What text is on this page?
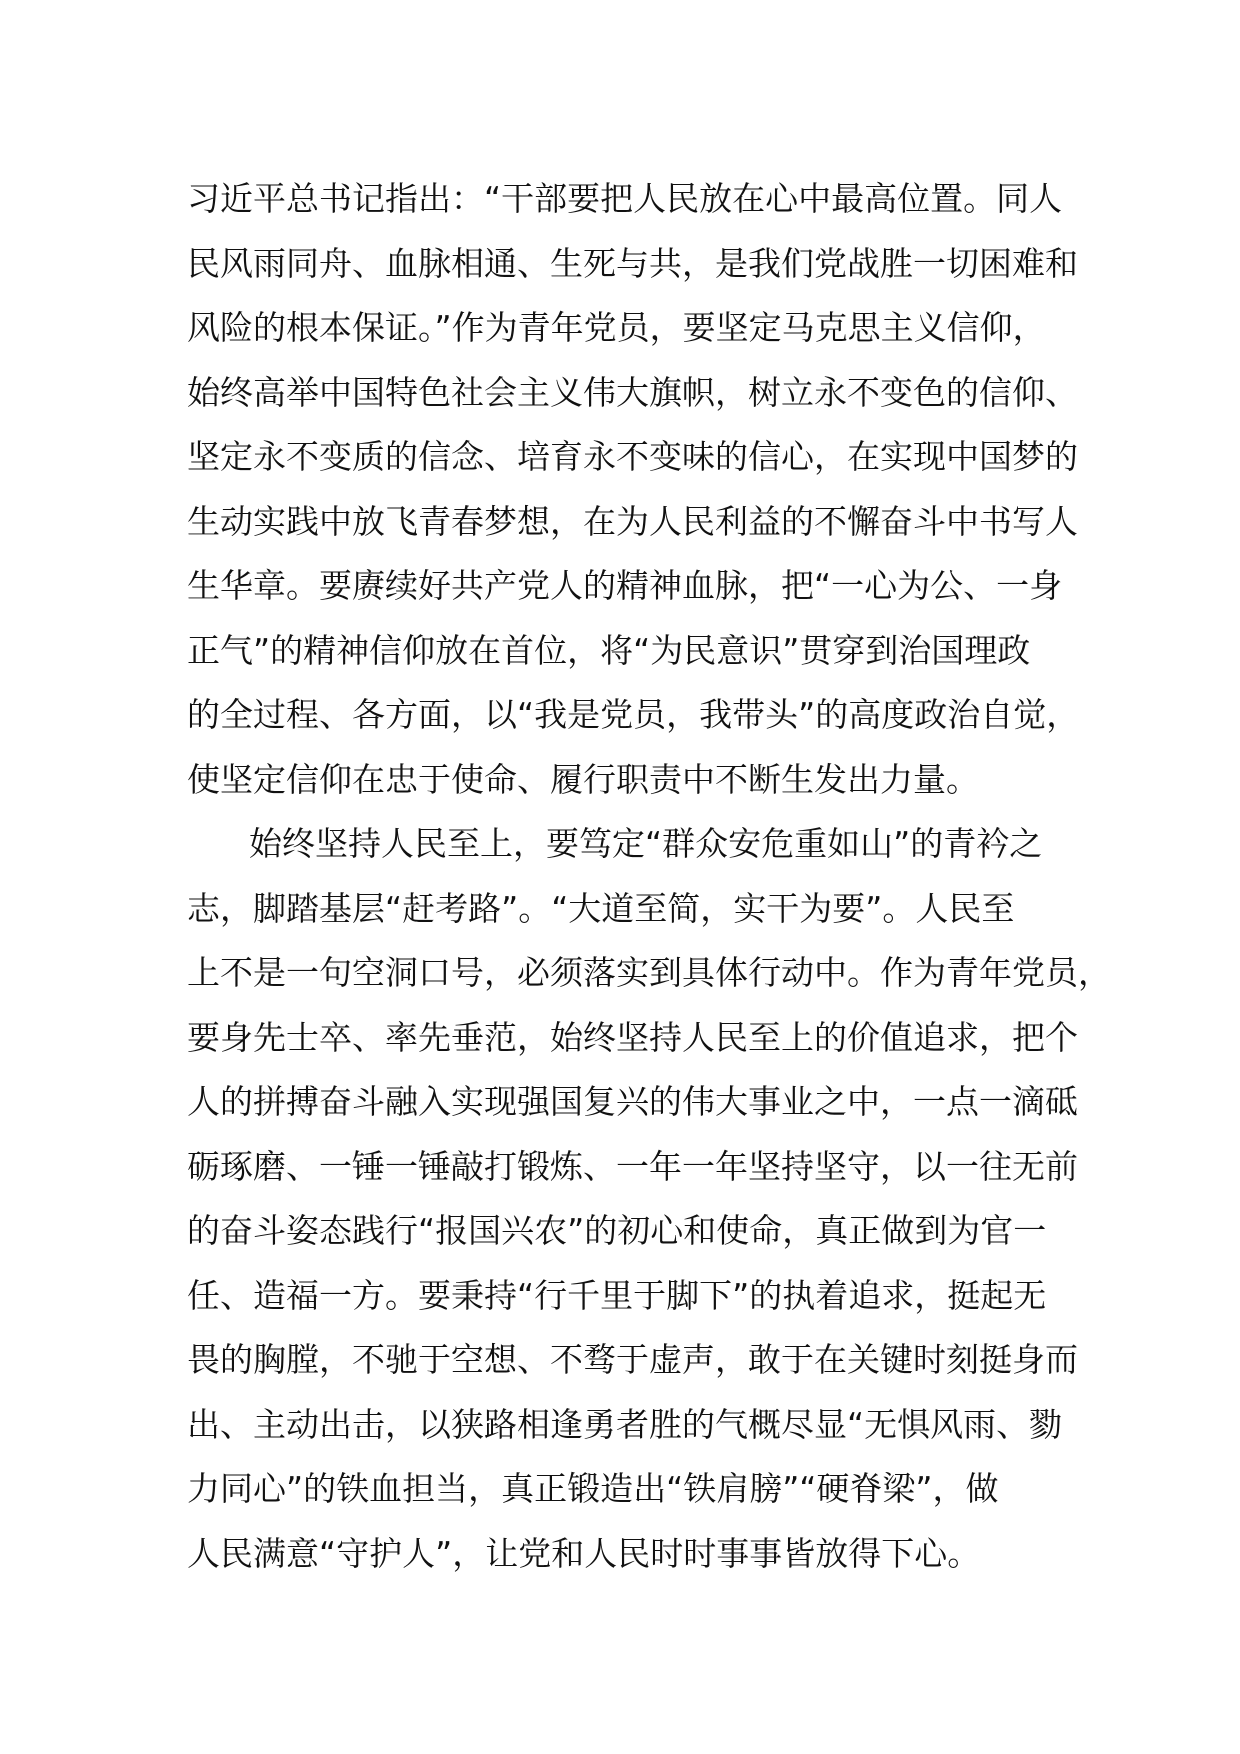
习近平总书记指出：“干部要把人民放在心中最高位置。同人
民风雨同舟、血脉相通、生死与共，是我们党战胜一切困难和
风险的根本保证。”作为青年党员，要坚定马克思主义信仰，
始终高举中国特色社会主义伟大旗帜，树立永不变色的信仰、
坚定永不变质的信念、培育永不变味的信心，在实现中国梦的
生动实践中放飞青春梦想，在为人民利益的不懈奋斗中书写人
生华章。要赓续好共产党人的精神血脉，把“一心为公、一身
正气”的精神信仰放在首位，将“为民意识”贯穿到治国理政
的全过程、各方面，以“我是党员，我带头”的高度政治自觉，
使坚定信仰在忠于使命、履行职责中不断生发出力量。
始终坚持人民至上，要笃定“群众安危重如山”的青衿之
志，脚踏基层“赶考路”。“大道至简，实干为要”。人民至
上不是一句空洞口号，必须落实到具体行动中。作为青年党员，
要身先士卒、率先垂范，始终坚持人民至上的价值追求，把个
人的拼搏奋斗融入实现强国复兴的伟大事业之中，一点一滴砥
砺琢磨、一锤一锤敲打锻炼、一年一年坚持坚守，以一往无前
的奋斗姿态践行“报国兴农”的初心和使命，真正做到为官一
任、造福一方。要秉持“行千里于脚下”的执着追求，挺起无
畏的胸膛，不驰于空想、不骛于虚声，敢于在关键时刻挺身而
出、主动出击，以狭路相逢勇者胜的气概尽显“无惧风雨、勠
力同心”的铁血担当，真正锻造出“铁肩膀”“硬脊梁”，做
人民满意“守护人”，让党和人民时时事事皆放得下心。
